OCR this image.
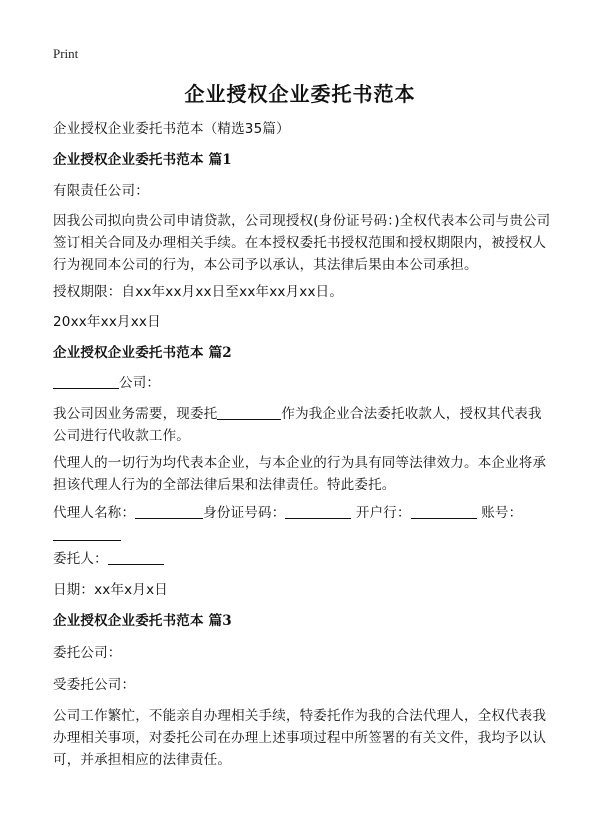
Print
企业授权企业委托书范本
企业授权企业委托书范本（精选35篇）
企业授权企业委托书范本 篇1
有限责任公司：
因我公司拟向贵公司申请贷款，公司现授权(身份证号码：)全权代表本公司与贵公司签订相关合同及办理相关手续。在本授权委托书授权范围和授权期限内，被授权人行为视同本公司的行为，本公司予以承认，其法律后果由本公司承担。
授权期限：自xx年xx月xx日至xx年xx月xx日。
20xx年xx月xx日
企业授权企业委托书范本 篇2
公司：
我公司因业务需要，现委托	作为我企业合法委托收款人，授权其代表我公司进行代收款工作。
代理人的一切行为均代表本企业，与本企业的行为具有同等法律效力。本企业将承担该代理人行为的全部法律后果和法律责任。特此委托。
代理人名称：	身份证号码：	开户行：	账号：

委托人：
日期：xx年x月x日
企业授权企业委托书范本 篇3
委托公司：
受委托公司：
公司工作繁忙，不能亲自办理相关手续，特委托作为我的合法代理人，全权代表我办理相关事项，对委托公司在办理上述事项过程中所签署的有关文件，我均予以认可，并承担相应的法律责任。
